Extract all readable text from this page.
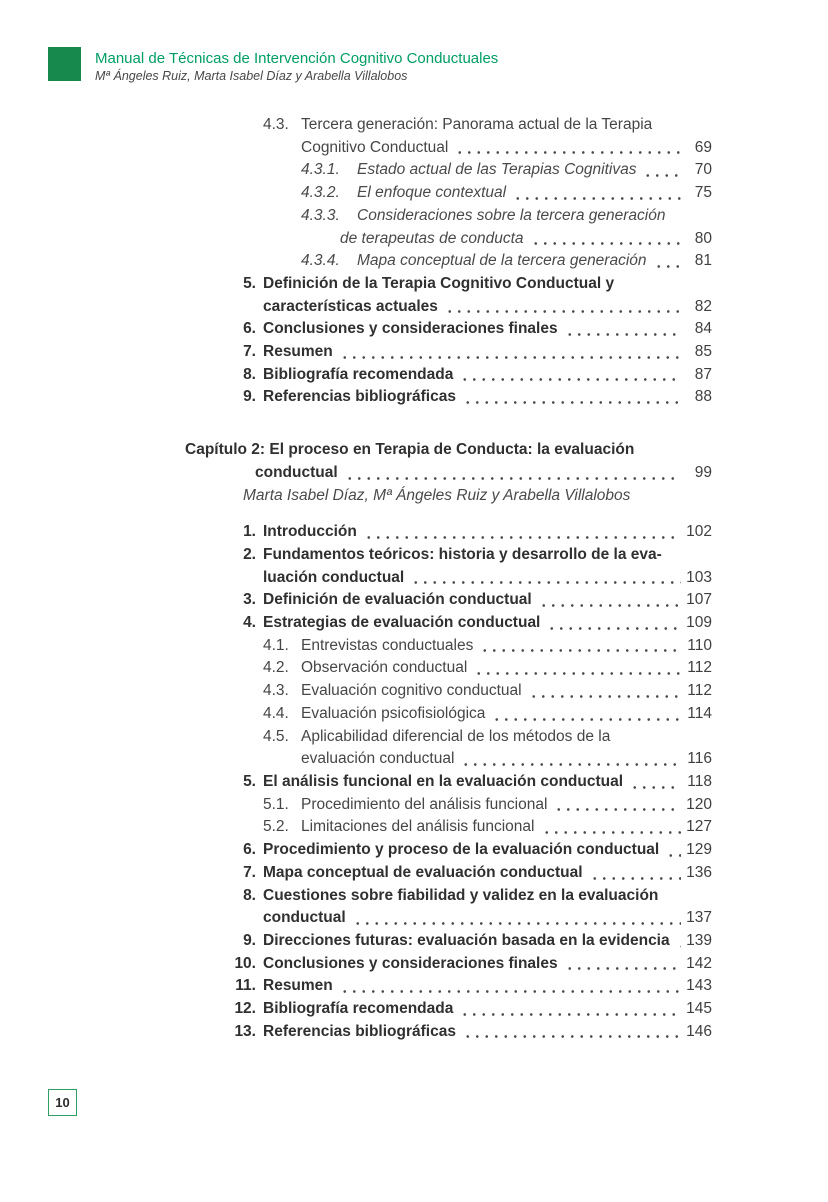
Manual de Técnicas de Intervención Cognitivo Conductuales
Mª Ángeles Ruiz, Marta Isabel Díaz y Arabella Villalobos
4.3. Tercera generación: Panorama actual de la Terapia
Cognitivo Conductual	69
4.3.1.	Estado actual de las Terapias Cognitivas	70
4.3.2.	El enfoque contextual	75
4.3.3.	Consideraciones sobre la tercera generación
de terapeutas de conducta	80
4.3.4.	Mapa conceptual de la tercera generación	81
5. Definición de la Terapia Cognitivo Conductual y
características actuales	82
6. Conclusiones y consideraciones finales	84
7. Resumen	85
8. Bibliografía recomendada	87
9. Referencias bibliográficas	88
Capítulo 2: El proceso en Terapia de Conducta: la evaluación
conductual	99
Marta Isabel Díaz, Mª Ángeles Ruiz y Arabella Villalobos
1. Introducción	102
2. Fundamentos teóricos: historia y desarrollo de la eva-
luación conductual	103
3. Definición de evaluación conductual	107
4. Estrategias de evaluación conductual	109
4.1. Entrevistas conductuales	110
4.2. Observación conductual	112
4.3. Evaluación cognitivo conductual	112
4.4. Evaluación psicofisiológica	114
4.5. Aplicabilidad diferencial de los métodos de la
evaluación conductual	116
5. El análisis funcional en la evaluación conductual	118
5.1. Procedimiento del análisis funcional	120
5.2. Limitaciones del análisis funcional	127
6. Procedimiento y proceso de la evaluación conductual 129
7. Mapa conceptual de evaluación conductual	136
8. Cuestiones sobre fiabilidad y validez en la evaluación
conductual	137
9. Direcciones futuras: evaluación basada en la evidencia 139
10. Conclusiones y consideraciones finales	142
11. Resumen	143
12. Bibliografía recomendada	145
13. Referencias bibliográficas	146
10
